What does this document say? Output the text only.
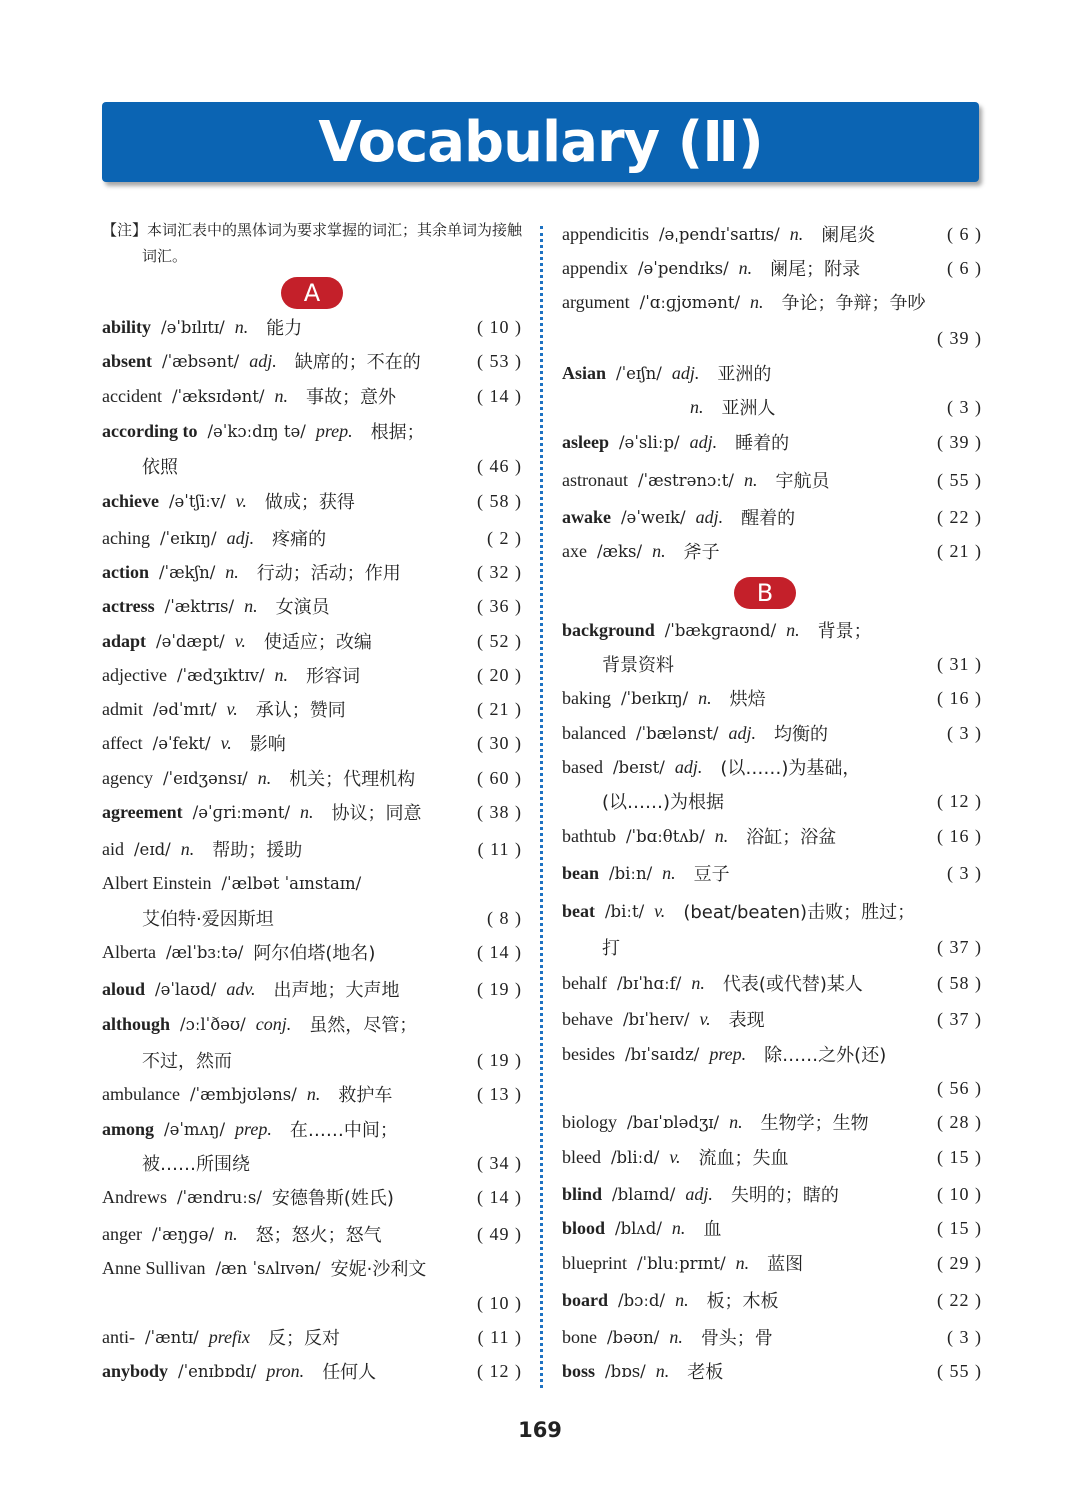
Vocabulary (Ⅱ)
【注】本词汇表中的黑体词为要求掌握的词汇；其余单词为接触
词汇。
A
B
ability /əˈbɪlɪtɪ/ n. 能力	( 10 )
absent /ˈæbsənt/ adj. 缺席的；不在的	( 53 )
accident /ˈæksɪdənt/ n. 事故；意外	( 14 )
according to /əˈkɔːdɪŋ tə/ prep. 根据；
依照	( 46 )
achieve /əˈtʃiːv/ v. 做成；获得	( 58 )
aching /ˈeɪkɪŋ/ adj. 疼痛的	( 2 )
action /ˈækʃn/ n. 行动；活动；作用	( 32 )
actress /ˈæktrɪs/ n. 女演员	( 36 )
adapt /əˈdæpt/ v. 使适应；改编	( 52 )
adjective /ˈædʒɪktɪv/ n. 形容词	( 20 )
admit /ədˈmɪt/ v. 承认；赞同	( 21 )
affect /əˈfekt/ v. 影响	( 30 )
agency /ˈeɪdʒənsɪ/ n. 机关；代理机构	( 60 )
agreement /əˈɡriːmənt/ n. 协议；同意	( 38 )
aid /eɪd/ n. 帮助；援助	( 11 )
Albert Einstein /ˈælbət ˈaɪnstaɪn/
艾伯特·爱因斯坦	( 8 )
Alberta /ælˈbɜːtə/ 阿尔伯塔(地名)	( 14 )
aloud /əˈlaʊd/ adv. 出声地；大声地	( 19 )
although /ɔːlˈðəʊ/ conj. 虽然，尽管；
不过，然而	( 19 )
ambulance /ˈæmbjʊləns/ n. 救护车	( 13 )
among /əˈmʌŋ/ prep. 在……中间；
被……所围绕	( 34 )
Andrews /ˈændruːs/ 安德鲁斯(姓氏)	( 14 )
anger /ˈæŋɡə/ n. 怒；怒火；怒气	( 49 )
Anne Sullivan /æn ˈsʌlɪvən/ 安妮·沙利文
( 10 )
anti- /ˈæntɪ/ prefix 反；反对	( 11 )
anybody /ˈenɪbɒdɪ/ pron. 任何人	( 12 )
appendicitis /əˌpendɪˈsaɪtɪs/ n. 阑尾炎	( 6 )
appendix /əˈpendɪks/ n. 阑尾；附录	( 6 )
argument /ˈɑːɡjʊmənt/ n. 争论；争辩；争吵
( 39 )
Asian /ˈeɪʃn/ adj. 亚洲的
n. 亚洲人	( 3 )
asleep /əˈsliːp/ adj. 睡着的	( 39 )
astronaut /ˈæstrənɔːt/ n. 宇航员	( 55 )
awake /əˈweɪk/ adj. 醒着的	( 22 )
axe /æks/ n. 斧子	( 21 )
background /ˈbækɡraʊnd/ n. 背景；
背景资料	( 31 )
baking /ˈbeɪkɪŋ/ n. 烘焙	( 16 )
balanced /ˈbælənst/ adj. 均衡的	( 3 )
based /beɪst/ adj. (以……)为基础，
(以……)为根据	( 12 )
bathtub /ˈbɑːθtʌb/ n. 浴缸；浴盆	( 16 )
bean /biːn/ n. 豆子	( 3 )
beat /biːt/ v. (beat/beaten)击败；胜过；
打	( 37 )
behalf /bɪˈhɑːf/ n. 代表(或代替)某人	( 58 )
behave /bɪˈheɪv/ v. 表现	( 37 )
besides /bɪˈsaɪdz/ prep. 除……之外(还)
( 56 )
biology /baɪˈɒlədʒɪ/ n. 生物学；生物	( 28 )
bleed /bliːd/ v. 流血；失血	( 15 )
blind /blaɪnd/ adj. 失明的；瞎的	( 10 )
blood /blʌd/ n. 血	( 15 )
blueprint /ˈbluːprɪnt/ n. 蓝图	( 29 )
board /bɔːd/ n. 板；木板	( 22 )
bone /bəʊn/ n. 骨头；骨	( 3 )
boss /bɒs/ n. 老板	( 55 )
169
